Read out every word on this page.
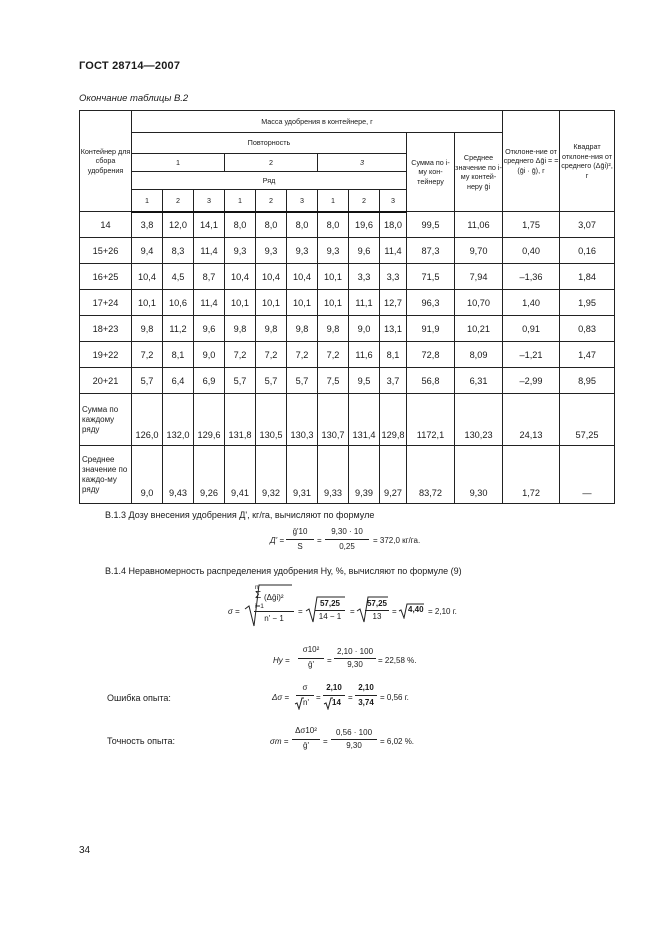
ГОСТ 28714—2007
Окончание таблицы В.2
Контейнер для сбора удобрения	Масса удобрения в контейнере, г											Отклоне-ние от среднего Δḡi = = (ḡi · ḡ), г	Квадрат отклоне-ния от среднего (Δḡi)², г
	Повторность									Сумма по i-му кон-тейнеру	Среднее значение по i-му контей-неру ḡi		
	1			2			3						
	Ряд												
	1	2	3	1	2	3	1	2	3				
14	3,8	12,0	14,1	8,0	8,0	8,0	8,0	19,6	18,0	99,5	11,06	1,75	3,07
15+26	9,4	8,3	11,4	9,3	9,3	9,3	9,3	9,6	11,4	87,3	9,70	0,40	0,16
16+25	10,4	4,5	8,7	10,4	10,4	10,4	10,1	3,3	3,3	71,5	7,94	–1,36	1,84
17+24	10,1	10,6	11,4	10,1	10,1	10,1	10,1	11,1	12,7	96,3	10,70	1,40	1,95
18+23	9,8	11,2	9,6	9,8	9,8	9,8	9,8	9,0	13,1	91,9	10,21	0,91	0,83
19+22	7,2	8,1	9,0	7,2	7,2	7,2	7,2	11,6	8,1	72,8	8,09	–1,21	1,47
20+21	5,7	6,4	6,9	5,7	5,7	5,7	7,5	9,5	3,7	56,8	6,31	–2,99	8,95
Сумма по каждому ряду	126,0	132,0	129,6	131,8	130,5	130,3	130,7	131,4	129,8	1172,1	130,23	24,13	57,25
Среднее значение по каждо-му ряду	9,0	9,43	9,26	9,41	9,32	9,31	9,33	9,39	9,27	83,72	9,30	1,72	—
В.1.3 Дозу внесения удобрения Д', кг/га, вычисляют по формуле
Д' =
ḡ'10
S
=
9,30 · 10
0,25
= 372,0 кг/га.
В.1.4 Неравномерность распределения удобрения Hу, %, вычисляют по формуле (9)
σ =
n'
Σ
i=1
(Δḡi)²
n' − 1
=
57,25
14 − 1
=
57,25
13
= 4,40 = 2,10 г.
Hу =
σ10²
ḡ'	=
2,10 · 100
9,30	= 22,58 %.
Ошибка опыта:	Δσ =
σ
n'
=
2,10
14
=
2,10
3,74
= 0,56 г.
Точность опыта:	σт =
Δσ10²
ḡ'	=
0,56 · 100
9,30	= 6,02 %.
34
